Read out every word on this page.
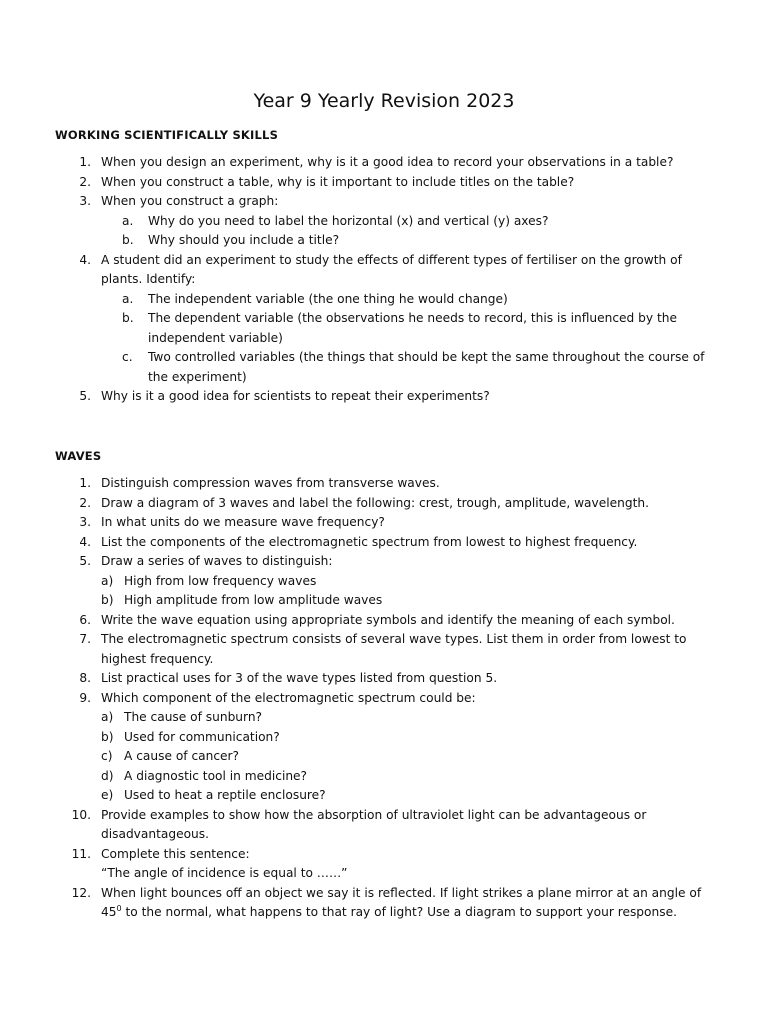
Year 9 Yearly Revision 2023
WORKING SCIENTIFICALLY SKILLS
1. When you design an experiment, why is it a good idea to record your observations in a table?
2. When you construct a table, why is it important to include titles on the table?
3. When you construct a graph:
a. Why do you need to label the horizontal (x) and vertical (y) axes?
b. Why should you include a title?
4. A student did an experiment to study the effects of different types of fertiliser on the growth of plants. Identify:
a. The independent variable (the one thing he would change)
b. The dependent variable (the observations he needs to record, this is influenced by the independent variable)
c. Two controlled variables (the things that should be kept the same throughout the course of the experiment)
5. Why is it a good idea for scientists to repeat their experiments?
WAVES
1. Distinguish compression waves from transverse waves.
2. Draw a diagram of 3 waves and label the following: crest, trough, amplitude, wavelength.
3. In what units do we measure wave frequency?
4. List the components of the electromagnetic spectrum from lowest to highest frequency.
5. Draw a series of waves to distinguish:
a) High from low frequency waves
b) High amplitude from low amplitude waves
6. Write the wave equation using appropriate symbols and identify the meaning of each symbol.
7. The electromagnetic spectrum consists of several wave types. List them in order from lowest to highest frequency.
8. List practical uses for 3 of the wave types listed from question 5.
9. Which component of the electromagnetic spectrum could be:
a) The cause of sunburn?
b) Used for communication?
c) A cause of cancer?
d) A diagnostic tool in medicine?
e) Used to heat a reptile enclosure?
10. Provide examples to show how the absorption of ultraviolet light can be advantageous or disadvantageous.
11. Complete this sentence:
“The angle of incidence is equal to ……”
12. When light bounces off an object we say it is reflected. If light strikes a plane mirror at an angle of $45^0$ to the normal, what happens to that ray of light? Use a diagram to support your response.
